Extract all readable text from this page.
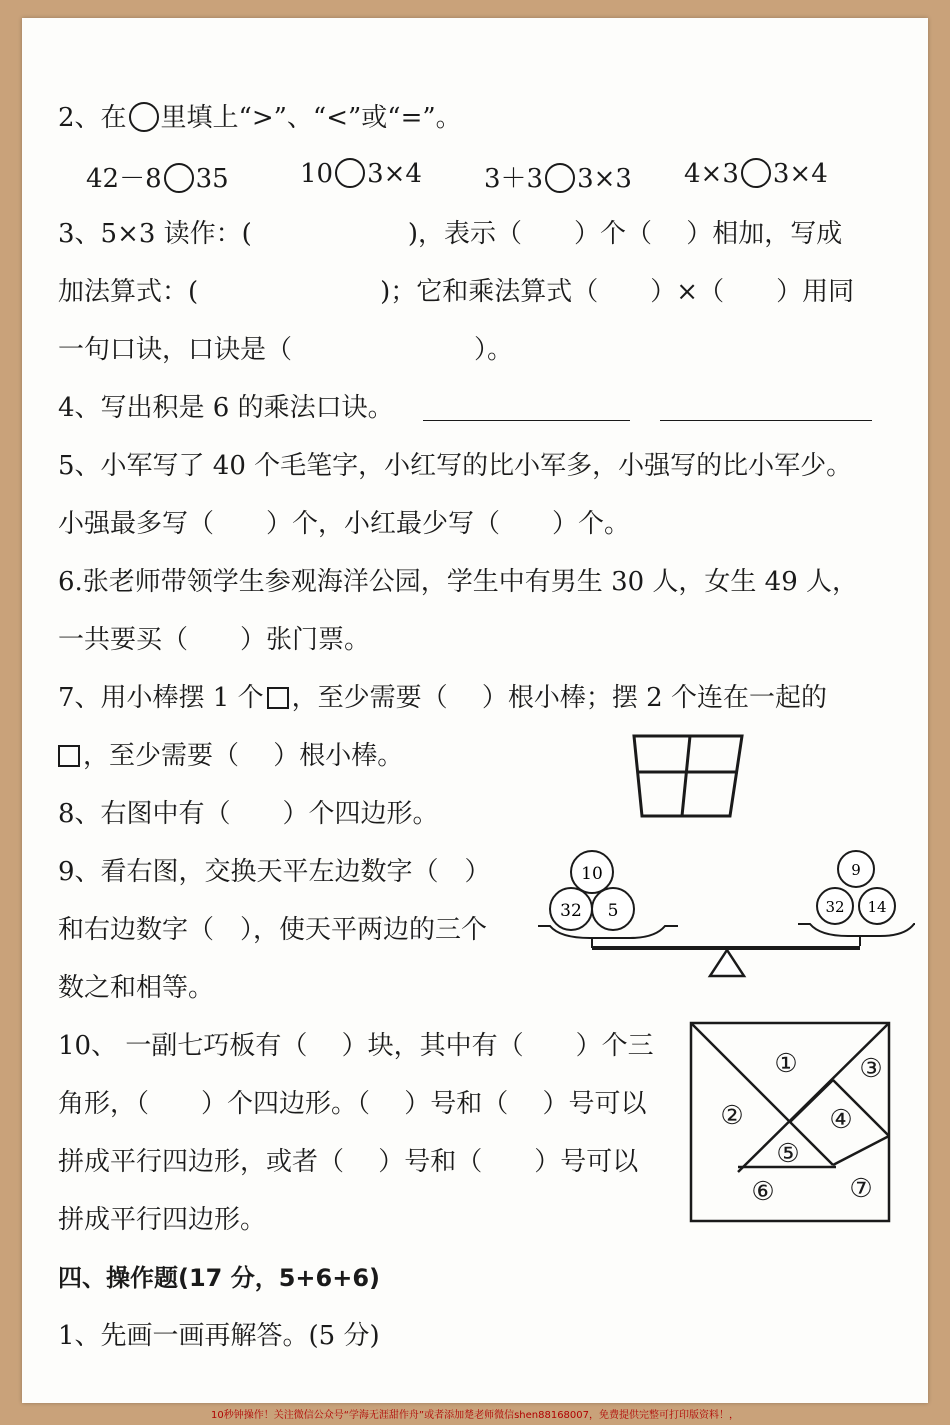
2、在 里填上“>”、“<”或“=”。
42－8 35	10 3×4 3＋3 3×3 4×3 3×4
3、5×3 读作：(　　　　　　)，表示（　　）个（　 ）相加，写成
加法算式：(　　　　　　　)；它和乘法算式（　　）×（　　）用同
一句口诀，口诀是（　　　　　　　）。
4、写出积是 6 的乘法口诀。
5、小军写了 40 个毛笔字，小红写的比小军多，小强写的比小军少。
小强最多写（　　）个，小红最少写（　　）个。
6.张老师带领学生参观海洋公园，学生中有男生 30 人，女生 49 人，
一共要买（　　）张门票。
7、用小棒摆 1 个 ，至少需要（　 ）根小棒；摆 2 个连在一起的
，至少需要（　 ）根小棒。
8、右图中有（　　）个四边形。
9、看右图，交换天平左边数字（　）
和右边数字（　），使天平两边的三个
数之和相等。
10
32 5
9
32 14
10、 一副七巧板有（　 ）块，其中有（　　）个三
角形，（　　）个四边形。（　 ）号和（　 ）号可以
拼成平行四边形，或者（　 ）号和（　　）号可以
拼成平行四边形。
①
②
③
④
⑤
⑥	⑦
四、操作题(17 分，5+6+6)
1、先画一画再解答。(5 分)
10秒钟操作！关注微信公众号“学海无涯甜作舟”或者添加楚老师微信shen88168007，免费提供完整可打印版资料！，
